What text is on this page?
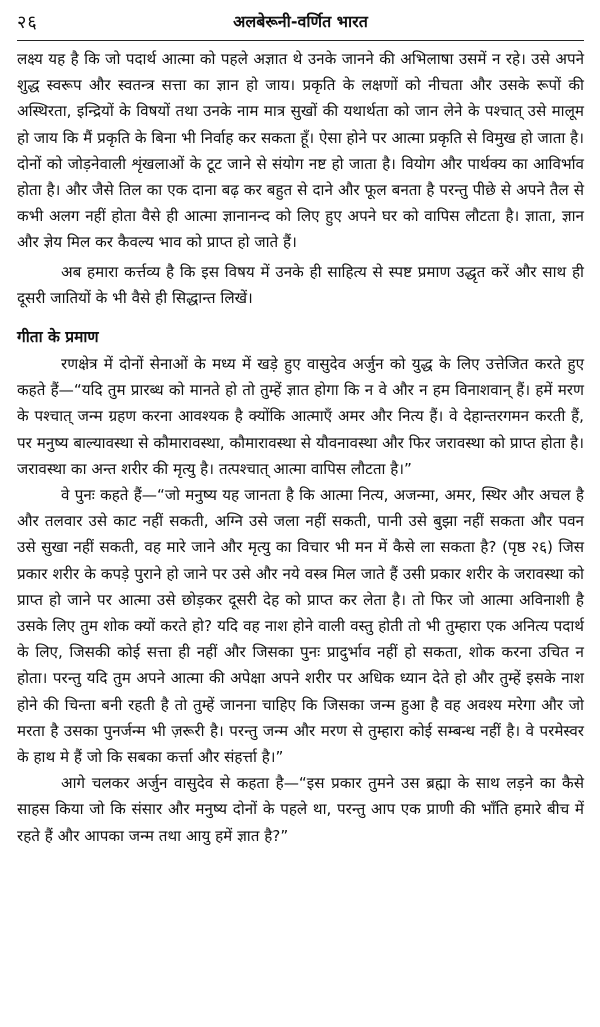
२६	अलबेरूनी-वर्णित भारत

लक्ष्य यह है कि जो पदार्थ आत्मा को पहले अज्ञात थे उनके जानने की अभिलाषा उसमें न रहे। उसे अपने शुद्ध स्वरूप और स्वतन्त्र सत्ता का ज्ञान हो जाय। प्रकृति के लक्षणों को नीचता और उसके रूपों की अस्थिरता, इन्द्रियों के विषयों तथा उनके नाम मात्र सुखों की यथार्थता को जान लेने के पश्चात् उसे मालूम हो जाय कि मैं प्रकृति के बिना भी निर्वाह कर सकता हूँ। ऐसा होने पर आत्मा प्रकृति से विमुख हो जाता है। दोनों को जोड़नेवाली शृंखलाओं के टूट जाने से संयोग नष्ट हो जाता है। वियोग और पार्थक्य का आविर्भाव होता है। और जैसे तिल का एक दाना बढ़ कर बहुत से दाने और फूल बनता है परन्तु पीछे से अपने तैल से कभी अलग नहीं होता वैसे ही आत्मा ज्ञानानन्द को लिए हुए अपने घर को वापिस लौटता है। ज्ञाता, ज्ञान और ज्ञेय मिल कर कैवल्य भाव को प्राप्त हो जाते हैं।

अब हमारा कर्त्तव्य है कि इस विषय में उनके ही साहित्य से स्पष्ट प्रमाण उद्धृत करें और साथ ही दूसरी जातियों के भी वैसे ही सिद्धान्त लिखें।

गीता के प्रमाण

रणक्षेत्र में दोनों सेनाओं के मध्य में खड़े हुए वासुदेव अर्जुन को युद्ध के लिए उत्तेजित करते हुए कहते हैं—“यदि तुम प्रारब्ध को मानते हो तो तुम्हें ज्ञात होगा कि न वे और न हम विनाशवान् हैं। हमें मरण के पश्चात् जन्म ग्रहण करना आवश्यक है क्योंकि आत्माएँ अमर और नित्य हैं। वे देहान्तरगमन करती हैं, पर मनुष्य बाल्यावस्था से कौमारावस्था, कौमारावस्था से यौवनावस्था और फिर जरावस्था को प्राप्त होता है। जरावस्था का अन्त शरीर की मृत्यु है। तत्पश्चात् आत्मा वापिस लौटता है।”

वे पुनः कहते हैं—“जो मनुष्य यह जानता है कि आत्मा नित्य, अजन्मा, अमर, स्थिर और अचल है और तलवार उसे काट नहीं सकती, अग्नि उसे जला नहीं सकती, पानी उसे बुझा नहीं सकता और पवन उसे सुखा नहीं सकती, वह मारे जाने और मृत्यु का विचार भी मन में कैसे ला सकता है? (पृष्ठ २६) जिस प्रकार शरीर के कपड़े पुराने हो जाने पर उसे और नये वस्त्र मिल जाते हैं उसी प्रकार शरीर के जरावस्था को प्राप्त हो जाने पर आत्मा उसे छोड़कर दूसरी देह को प्राप्त कर लेता है। तो फिर जो आत्मा अविनाशी है उसके लिए तुम शोक क्यों करते हो? यदि वह नाश होने वाली वस्तु होती तो भी तुम्हारा एक अनित्य पदार्थ के लिए, जिसकी कोई सत्ता ही नहीं और जिसका पुनः प्रादुर्भाव नहीं हो सकता, शोक करना उचित न होता। परन्तु यदि तुम अपने आत्मा की अपेक्षा अपने शरीर पर अधिक ध्यान देते हो और तुम्हें इसके नाश होने की चिन्ता बनी रहती है तो तुम्हें जानना चाहिए कि जिसका जन्म हुआ है वह अवश्य मरेगा और जो मरता है उसका पुनर्जन्म भी ज़रूरी है। परन्तु जन्म और मरण से तुम्हारा कोई सम्बन्ध नहीं है। वे परमेस्वर के हाथ मे हैं जो कि सबका कर्त्ता और संहर्त्ता है।”

आगे चलकर अर्जुन वासुदेव से कहता है—“इस प्रकार तुमने उस ब्रह्मा के साथ लड़ने का कैसे साहस किया जो कि संसार और मनुष्य दोनों के पहले था, परन्तु आप एक प्राणी की भाँति हमारे बीच में रहते हैं और आपका जन्म तथा आयु हमें ज्ञात है?”
